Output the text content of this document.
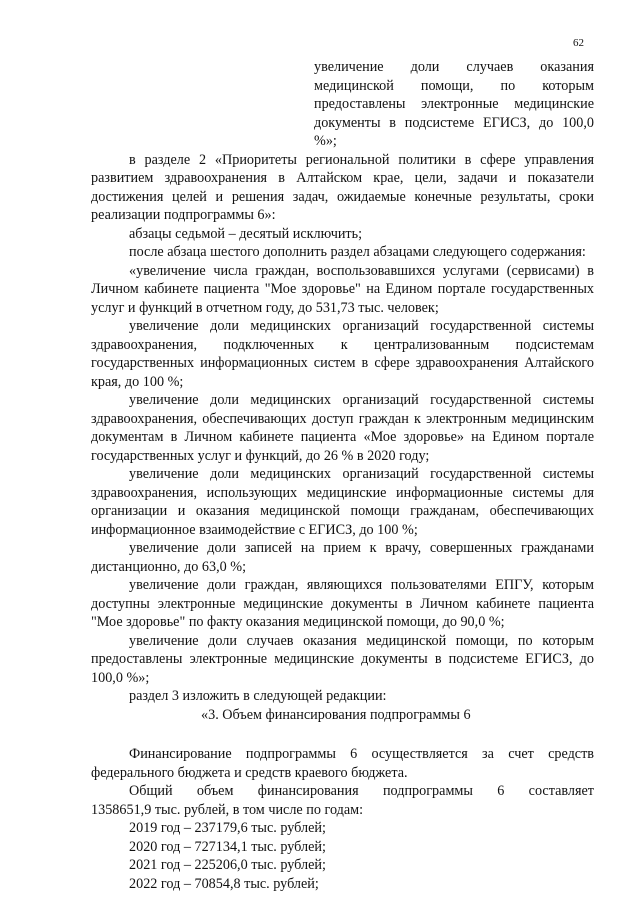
62

увеличение доли случаев оказания медицинской помощи, по которым предоставлены электронные медицинские документы в подсистеме ЕГИСЗ, до 100,0 %»;

в разделе 2 «Приоритеты региональной политики в сфере управления развитием здравоохранения в Алтайском крае, цели, задачи и показатели достижения целей и решения задач, ожидаемые конечные результаты, сроки реализации подпрограммы 6»:

абзацы седьмой – десятый исключить;

после абзаца шестого дополнить раздел абзацами следующего содержания:

«увеличение числа граждан, воспользовавшихся услугами (сервисами) в Личном кабинете пациента "Мое здоровье" на Едином портале государственных услуг и функций в отчетном году, до 531,73 тыс. человек;

увеличение доли медицинских организаций государственной системы здравоохранения, подключенных к централизованным подсистемам государственных информационных систем в сфере здравоохранения Алтайского края, до 100 %;

увеличение доли медицинских организаций государственной системы здравоохранения, обеспечивающих доступ граждан к электронным медицинским документам в Личном кабинете пациента «Мое здоровье» на Едином портале государственных услуг и функций, до 26 % в 2020 году;

увеличение доли медицинских организаций государственной системы здравоохранения, использующих медицинские информационные системы для организации и оказания медицинской помощи гражданам, обеспечивающих информационное взаимодействие с ЕГИСЗ, до 100 %;

увеличение доли записей на прием к врачу, совершенных гражданами дистанционно, до 63,0 %;

увеличение доли граждан, являющихся пользователями ЕПГУ, которым доступны электронные медицинские документы в Личном кабинете пациента "Мое здоровье" по факту оказания медицинской помощи, до 90,0 %;

увеличение доли случаев оказания медицинской помощи, по которым предоставлены электронные медицинские документы в подсистеме ЕГИСЗ, до 100,0 %»;

раздел 3 изложить в следующей редакции:

«3. Объем финансирования подпрограммы 6

Финансирование подпрограммы 6 осуществляется за счет средств федерального бюджета и средств краевого бюджета.

Общий объем финансирования подпрограммы 6 составляет

1358651,9 тыс. рублей, в том числе по годам:

2019 год – 237179,6 тыс. рублей;

2020 год – 727134,1 тыс. рублей;

2021 год – 225206,0 тыс. рублей;

2022 год – 70854,8 тыс. рублей;
